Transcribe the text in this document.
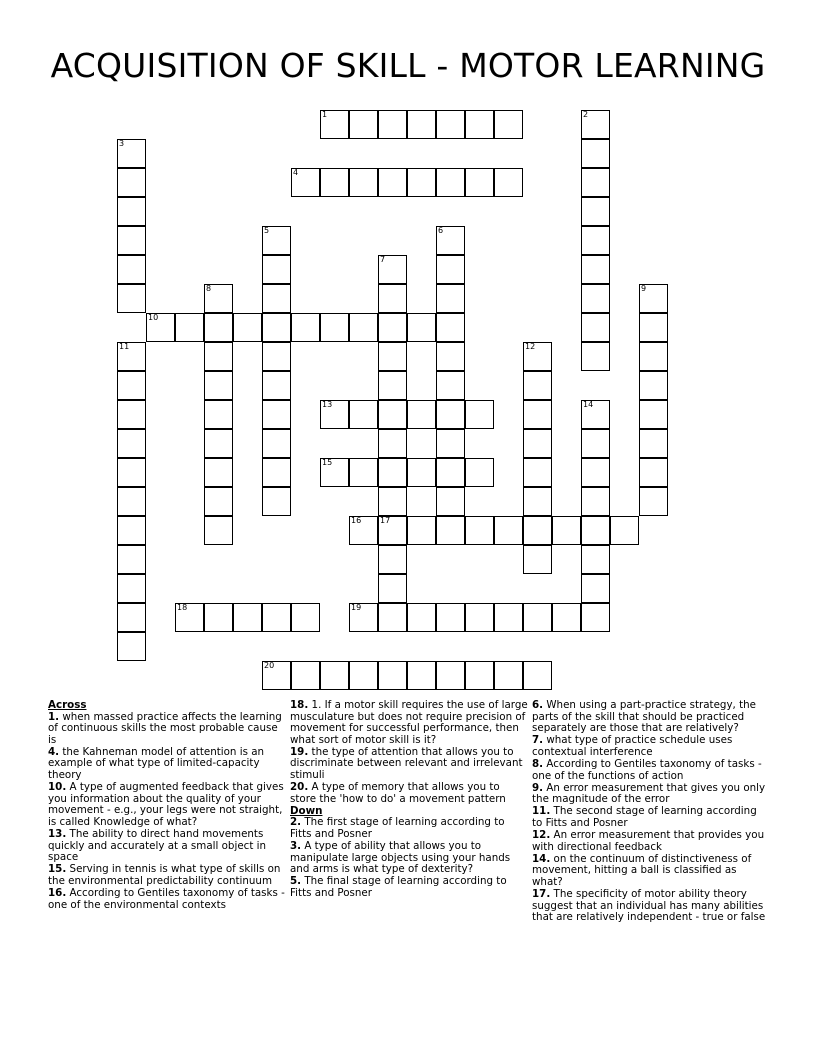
ACQUISITION OF SKILL - MOTOR LEARNING
1	2
3
4
5	6
7
17
8	9
10
11	12
13	14
15
16
18	19
20
Across
1. when massed practice affects the learning of continuous skills the most probable cause is
4. the Kahneman model of attention is an example of what type of limited-capacity theory
10. A type of augmented feedback that gives you information about the quality of your movement - e.g., your legs were not straight, is called Knowledge of what?
13. The ability to direct hand movements quickly and accurately at a small object in space
15. Serving in tennis is what type of skills on the environmental predictability continuum
16. According to Gentiles taxonomy of tasks - one of the environmental contexts
18. 1. If a motor skill requires the use of large musculature but does not require precision of movement for successful performance, then what sort of motor skill is it?
19. the type of attention that allows you to discriminate between relevant and irrelevant stimuli
20. A type of memory that allows you to store the 'how to do' a movement pattern
Down
2. The first stage of learning according to Fitts and Posner
3. A type of ability that allows you to manipulate large objects using your hands and arms is what type of dexterity?
5. The final stage of learning according to Fitts and Posner
6. When using a part-practice strategy, the parts of the skill that should be practiced separately are those that are relatively?
7. what type of practice schedule uses contextual interference
8. According to Gentiles taxonomy of tasks - one of the functions of action
9. An error measurement that gives you only the magnitude of the error
11. The second stage of learning according to Fitts and Posner
12. An error measurement that provides you with directional feedback
14. on the continuum of distinctiveness of movement, hitting a ball is classified as what?
17. The specificity of motor ability theory suggest that an individual has many abilities that are relatively independent - true or false
